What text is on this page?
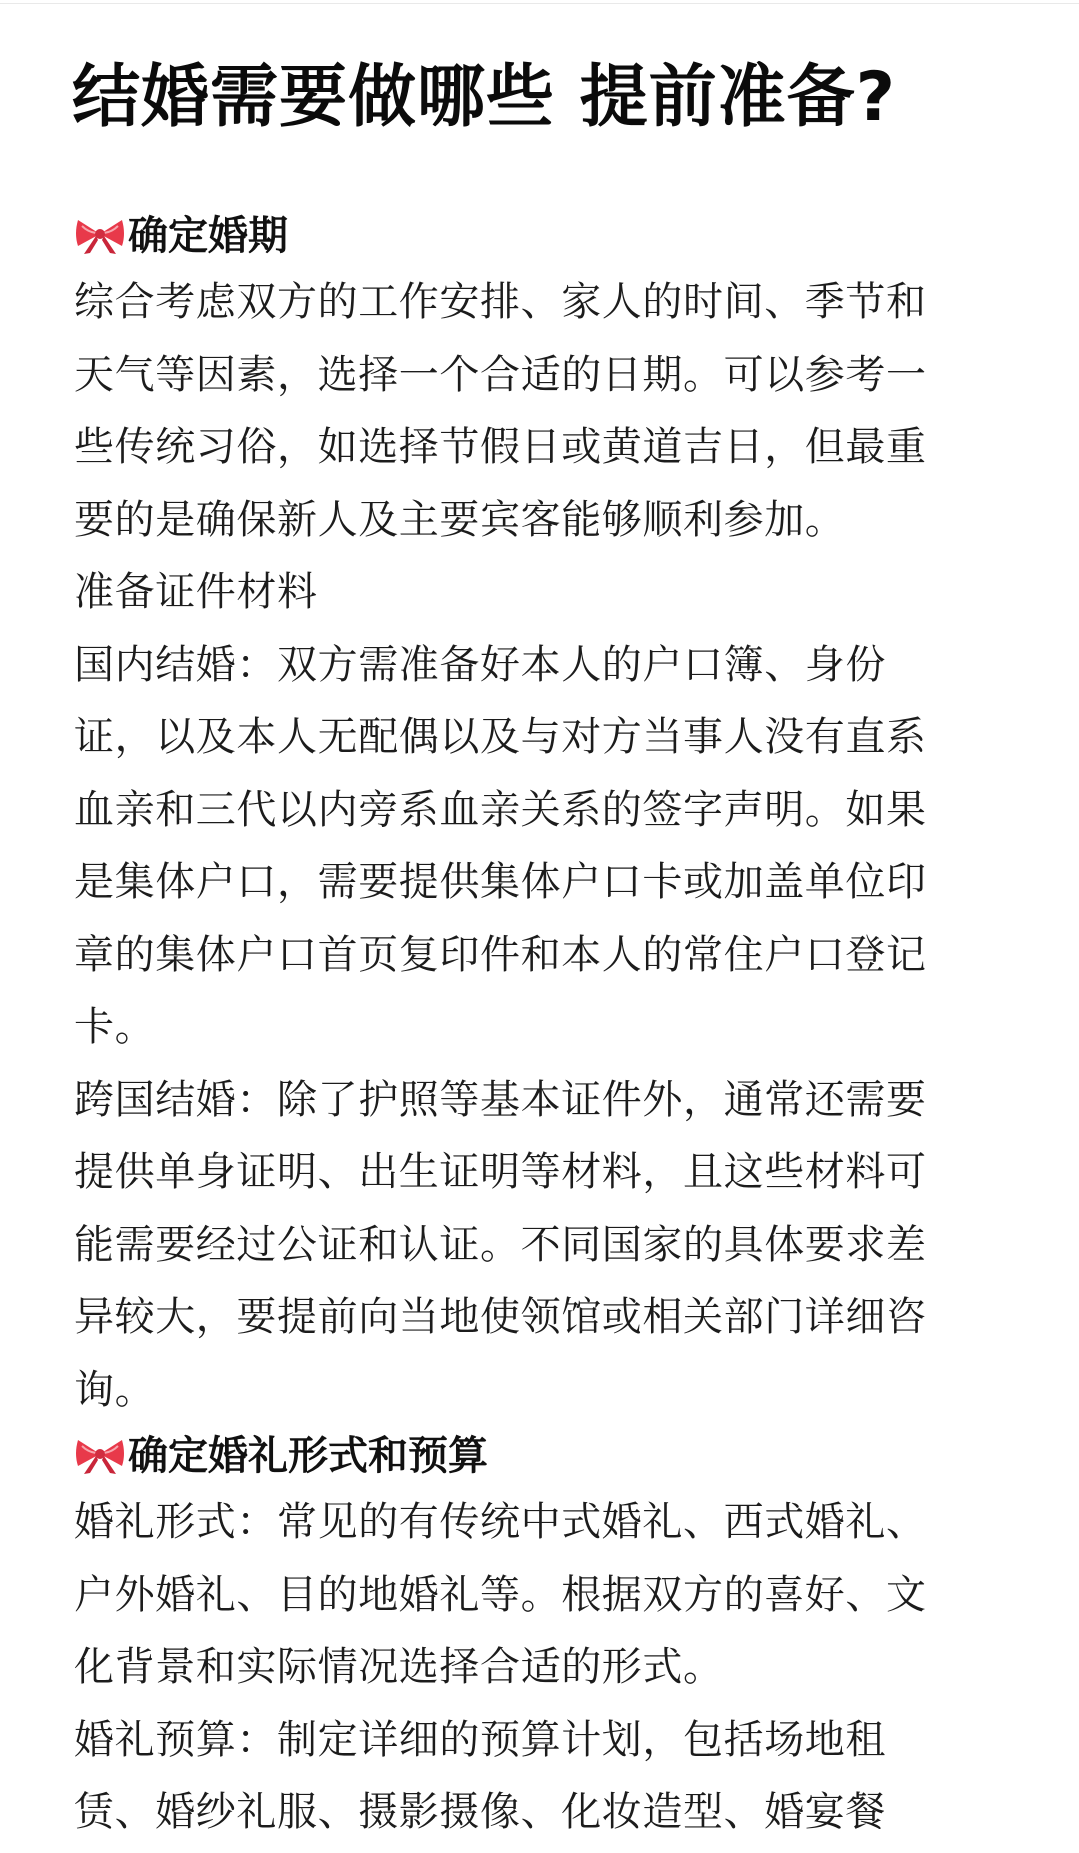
结婚需要做哪些 提前准备?
确定婚期

综合考虑双方的工作安排、家人的时间、季节和
天气等因素，选择一个合适的日期。可以参考一
些传统习俗，如选择节假日或黄道吉日，但最重
要的是确保新人及主要宾客能够顺利参加。

准备证件材料

国内结婚：双方需准备好本人的户口簿、身份
证，以及本人无配偶以及与对方当事人没有直系
血亲和三代以内旁系血亲关系的签字声明。如果
是集体户口，需要提供集体户口卡或加盖单位印
章的集体户口首页复印件和本人的常住户口登记
卡。

跨国结婚：除了护照等基本证件外，通常还需要
提供单身证明、出生证明等材料，且这些材料可
能需要经过公证和认证。不同国家的具体要求差
异较大，要提前向当地使领馆或相关部门详细咨
询。

确定婚礼形式和预算

婚礼形式：常见的有传统中式婚礼、西式婚礼、
户外婚礼、目的地婚礼等。根据双方的喜好、文
化背景和实际情况选择合适的形式。

婚礼预算：制定详细的预算计划，包括场地租
赁、婚纱礼服、摄影摄像、化妆造型、婚宴餐
